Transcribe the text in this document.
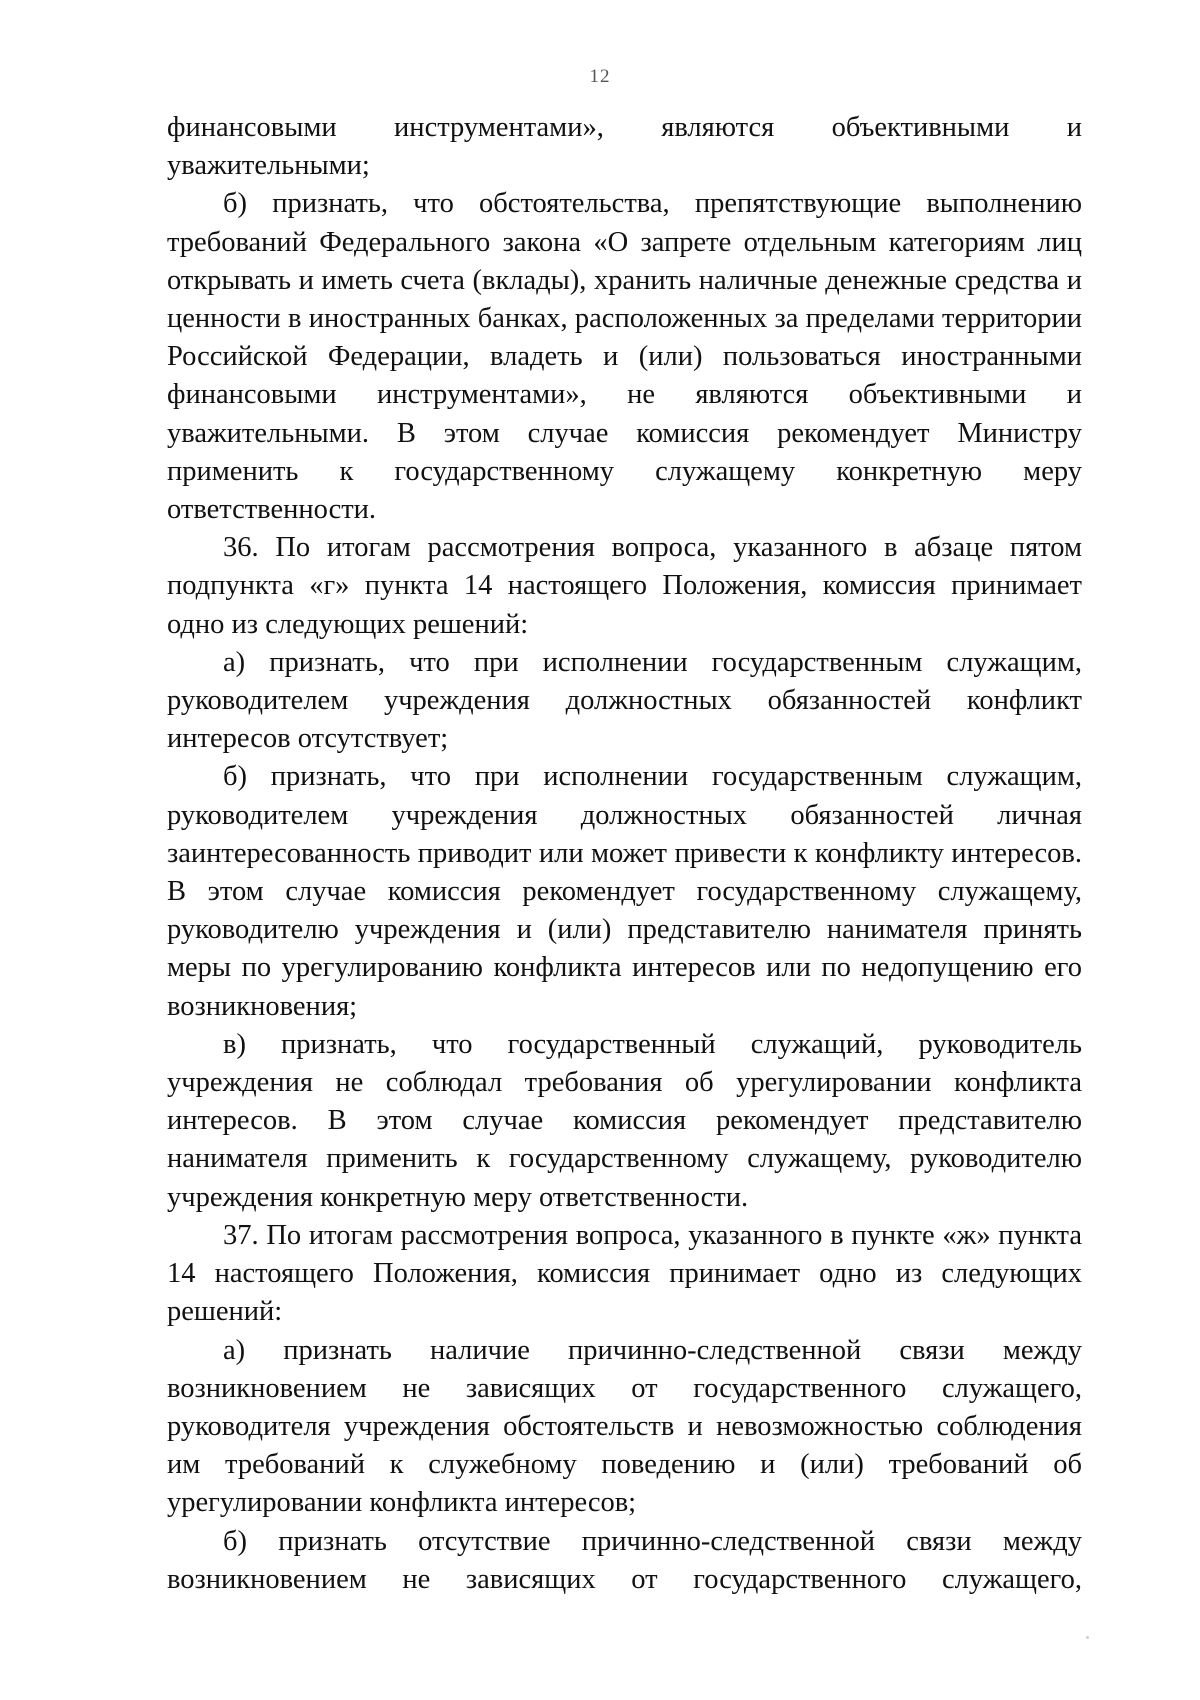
12
финансовыми инструментами», являются объективными и
уважительными;
б) признать, что обстоятельства, препятствующие выполнению
требований Федерального закона «О запрете отдельным категориям лиц
открывать и иметь счета (вклады), хранить наличные денежные средства и
ценности в иностранных банках, расположенных за пределами территории
Российской Федерации, владеть и (или) пользоваться иностранными
финансовыми инструментами», не являются объективными и
уважительными. В этом случае комиссия рекомендует Министру
применить к государственному служащему конкретную меру
ответственности.
36. По итогам рассмотрения вопроса, указанного в абзаце пятом
подпункта «г» пункта 14 настоящего Положения, комиссия принимает
одно из следующих решений:
а) признать, что при исполнении государственным служащим,
руководителем учреждения должностных обязанностей конфликт
интересов отсутствует;
б) признать, что при исполнении государственным служащим,
руководителем учреждения должностных обязанностей личная
заинтересованность приводит или может привести к конфликту интересов.
В этом случае комиссия рекомендует государственному служащему,
руководителю учреждения и (или) представителю нанимателя принять
меры по урегулированию конфликта интересов или по недопущению его
возникновения;
в) признать, что государственный служащий, руководитель
учреждения не соблюдал требования об урегулировании конфликта
интересов. В этом случае комиссия рекомендует представителю
нанимателя применить к государственному служащему, руководителю
учреждения конкретную меру ответственности.
37. По итогам рассмотрения вопроса, указанного в пункте «ж» пункта
14 настоящего Положения, комиссия принимает одно из следующих
решений:
а) признать наличие причинно-следственной связи между
возникновением не зависящих от государственного служащего,
руководителя учреждения обстоятельств и невозможностью соблюдения
им требований к служебному поведению и (или) требований об
урегулировании конфликта интересов;
б) признать отсутствие причинно-следственной связи между
возникновением не зависящих от государственного служащего,
